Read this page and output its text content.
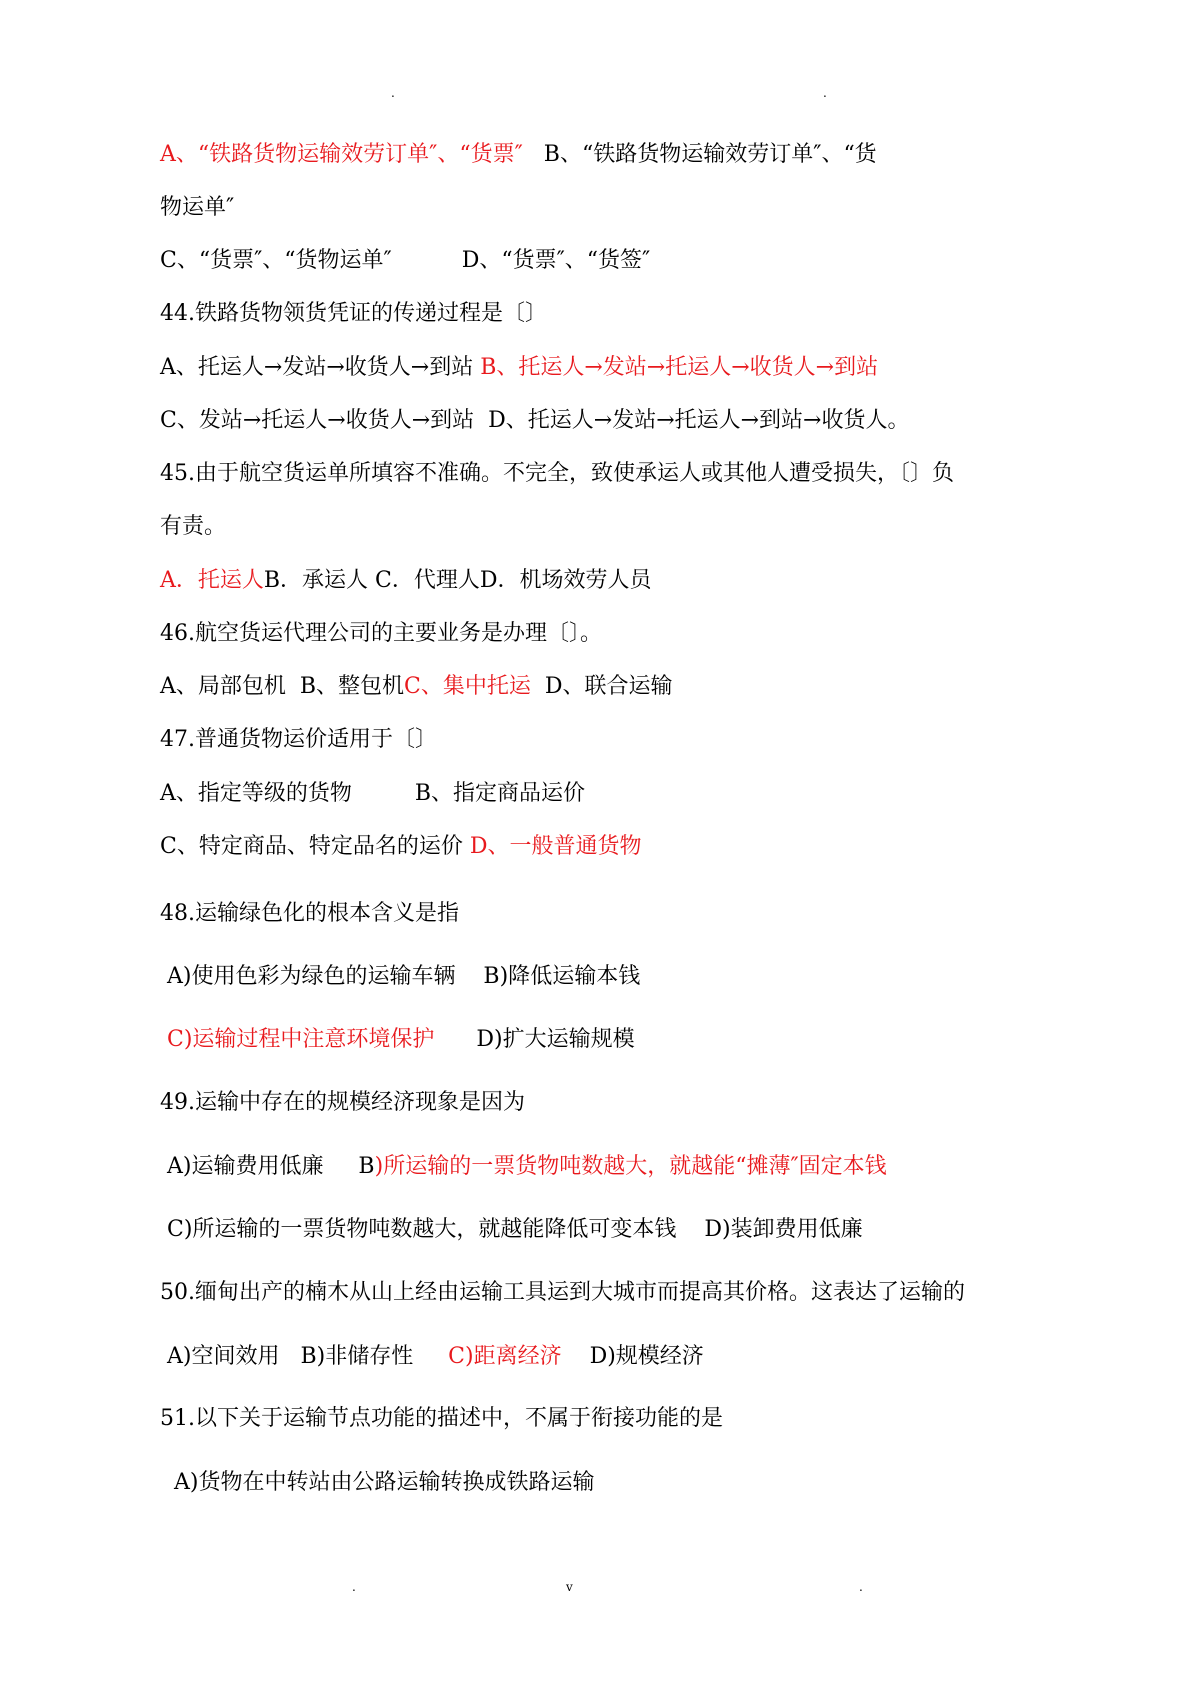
.	.
A、“铁路货物运输效劳订单″、“货票″   B、“铁路货物运输效劳订单″、“货
物运单″
C、“货票″、“货物运单″          D、“货票″、“货签″
44.铁路货物领货凭证的传递过程是〔〕
A、托运人→发站→收货人→到站 B、托运人→发站→托运人→收货人→到站
C、发站→托运人→收货人→到站  D、托运人→发站→托运人→到站→收货人。
45.由于航空货运单所填容不准确。不完全，致使承运人或其他人遭受损失，〔〕负
有责。
A．托运人B．承运人 C．代理人D．机场效劳人员
46.航空货运代理公司的主要业务是办理〔〕。
A、局部包机  B、整包机C、集中托运  D、联合运输
47.普通货物运价适用于〔〕
A、指定等级的货物         B、指定商品运价
C、特定商品、特定品名的运价 D、一般普通货物
48.运输绿色化的根本含义是指
A)使用色彩为绿色的运输车辆    B)降低运输本钱
C)运输过程中注意环境保护      D)扩大运输规模
49.运输中存在的规模经济现象是因为
A)运输费用低廉     B)所运输的一票货物吨数越大，就越能“摊薄″固定本钱
C)所运输的一票货物吨数越大，就越能降低可变本钱    D)装卸费用低廉
50.缅甸出产的楠木从山上经由运输工具运到大城市而提高其价格。这表达了运输的
A)空间效用   B)非储存性     C)距离经济    D)规模经济
51.以下关于运输节点功能的描述中，不属于衔接功能的是
A)货物在中转站由公路运输转换成铁路运输
.	v	.
